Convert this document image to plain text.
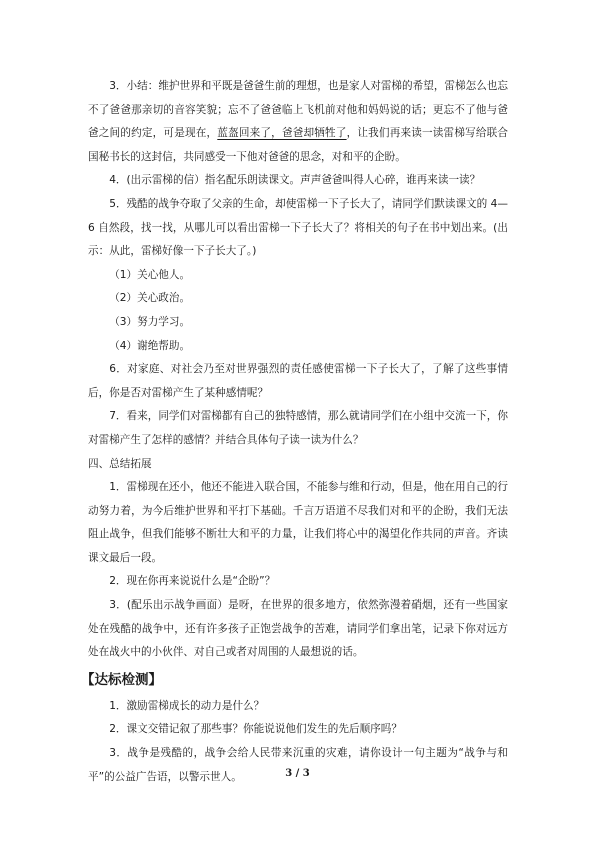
3．小结：维护世界和平既是爸爸生前的理想，也是家人对雷梯的希望，雷梯怎么也忘不了爸爸那亲切的音容笑貌；忘不了爸爸临上飞机前对他和妈妈说的话；更忘不了他与爸爸之间的约定，可是现在，蓝盔回来了，爸爸却牺牲了，让我们再来读一读雷梯写给联合国秘书长的这封信，共同感受一下他对爸爸的思念，对和平的企盼。

4．(出示雷梯的信）指名配乐朗读课文。声声爸爸叫得人心碎，谁再来读一读？

5．残酷的战争夺取了父亲的生命，却使雷梯一下子长大了，请同学们默读课文的 4—6 自然段，找一找，从哪儿可以看出雷梯一下子长大了？将相关的句子在书中划出来。(出示：从此，雷梯好像一下子长大了。)

（1）关心他人。

（2）关心政治。

（3）努力学习。

（4）谢绝帮助。

6．对家庭、对社会乃至对世界强烈的责任感使雷梯一下子长大了，了解了这些事情后，你是否对雷梯产生了某种感情呢？

7．看来，同学们对雷梯都有自己的独特感情，那么就请同学们在小组中交流一下，你对雷梯产生了怎样的感情？并结合具体句子读一读为什么？

四、总结拓展

1．雷梯现在还小，他还不能进入联合国，不能参与维和行动，但是，他在用自己的行动努力着，为今后维护世界和平打下基础。千言万语道不尽我们对和平的企盼，我们无法阻止战争，但我们能够不断壮大和平的力量，让我们将心中的渴望化作共同的声音。齐读课文最后一段。

2．现在你再来说说什么是“企盼”？

3．(配乐出示战争画面）是呀，在世界的很多地方，依然弥漫着硝烟，还有一些国家处在残酷的战争中，还有许多孩子正饱尝战争的苦难，请同学们拿出笔，记录下你对远方处在战火中的小伙伴、对自己或者对周围的人最想说的话。

【达标检测】

1．激励雷梯成长的动力是什么？

2．课文交错记叙了那些事？你能说说他们发生的先后顺序吗？

3．战争是残酷的，战争会给人民带来沉重的灾难，请你设计一句主题为“战争与和平”的公益广告语，以警示世人。	3 / 3
